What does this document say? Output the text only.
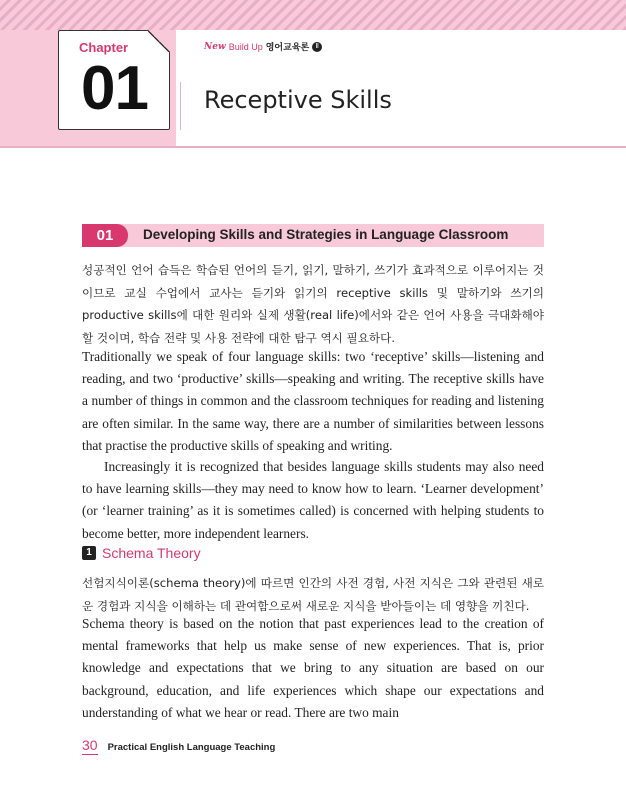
Chapter
01
New Build Up 영어교육론 Ⅱ
Receptive Skills
01	Developing Skills and Strategies in Language Classroom

성공적인 언어 습득은 학습된 언어의 듣기, 읽기, 말하기, 쓰기가 효과적으로 이루어지는 것이므로 교실 수업에서 교사는 듣기와 읽기의 receptive skills 및 말하기와 쓰기의 productive skills에 대한 원리와 실제 생활(real life)에서와 같은 언어 사용을 극대화해야 할 것이며, 학습 전략 및 사용 전략에 대한 탐구 역시 필요하다.

Traditionally we speak of four language skills: two ‘receptive’ skills—listening and reading, and two ‘productive’ skills—speaking and writing. The receptive skills have a number of things in common and the classroom techniques for reading and listening are often similar. In the same way, there are a number of similarities between lessons that practise the productive skills of speaking and writing.

Increasingly it is recognized that besides language skills students may also need to have learning skills—they may need to know how to learn. ‘Learner development’ (or ‘learner training’ as it is sometimes called) is concerned with helping students to become better, more independent learners.

1 Schema Theory

선험지식이론(schema theory)에 따르면 인간의 사전 경험, 사전 지식은 그와 관련된 새로운 경험과 지식을 이해하는 데 관여함으로써 새로운 지식을 받아들이는 데 영향을 끼친다.

Schema theory is based on the notion that past experiences lead to the creation of mental frameworks that help us make sense of new experiences. That is, prior knowledge and expectations that we bring to any situation are based on our background, education, and life experiences which shape our expectations and understanding of what we hear or read. There are two main

30 Practical English Language Teaching
